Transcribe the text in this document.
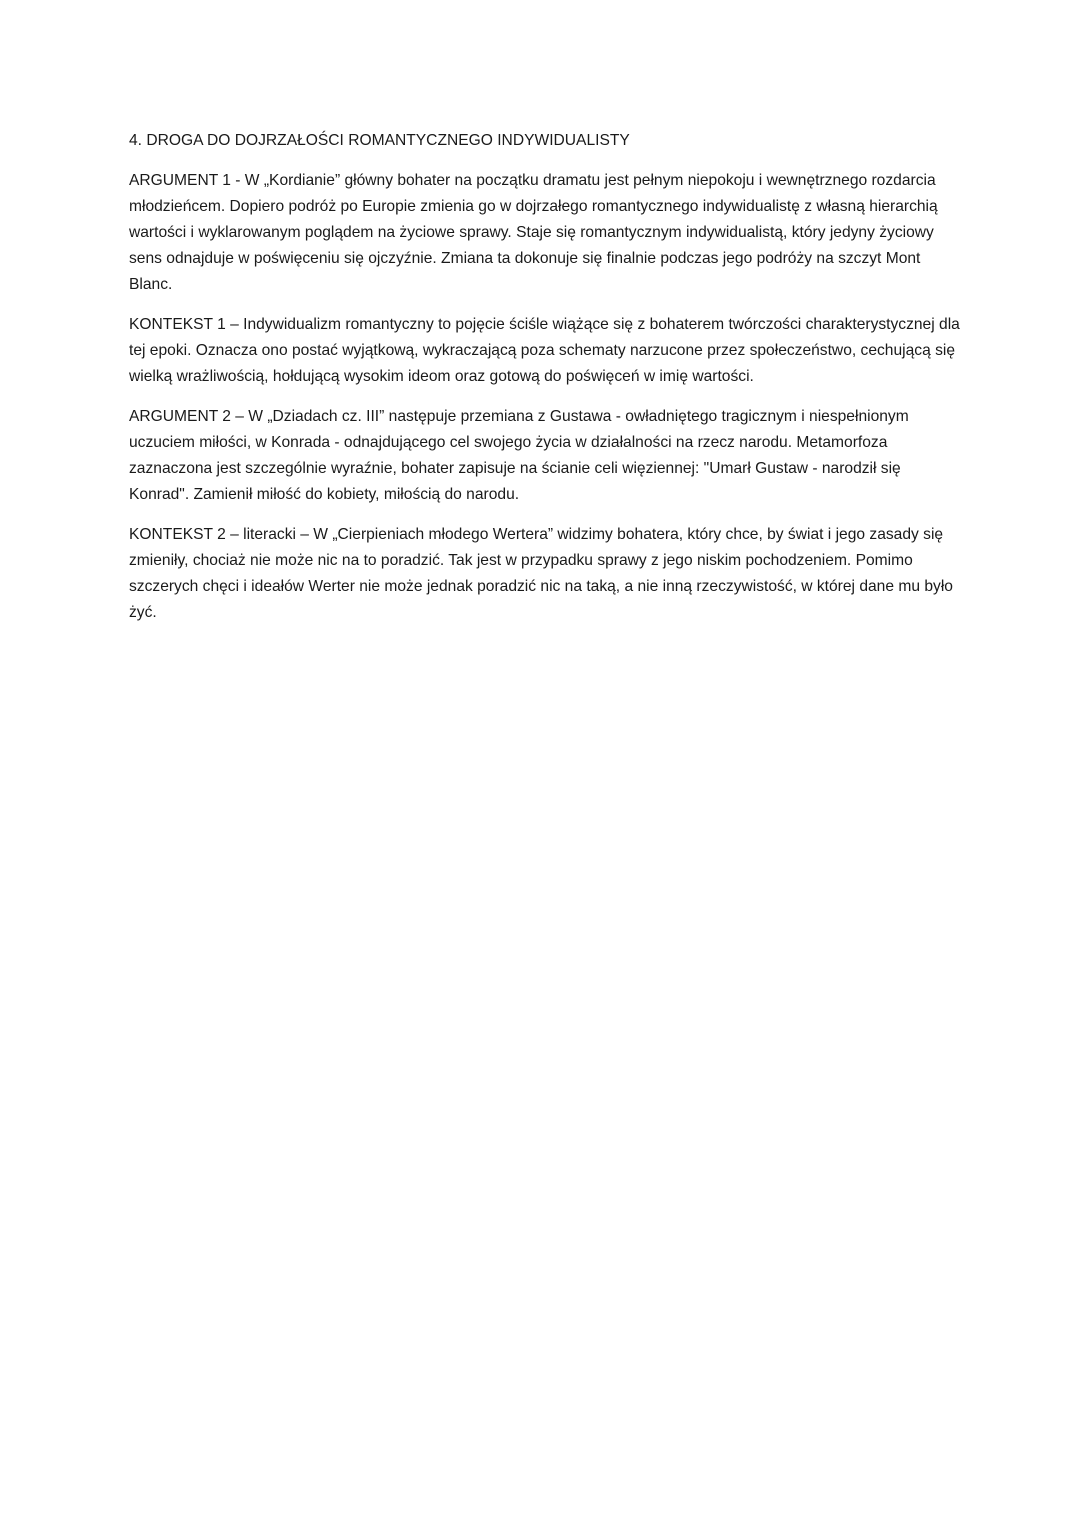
4. DROGA DO DOJRZAŁOŚCI ROMANTYCZNEGO INDYWIDUALISTY

ARGUMENT 1 - W „Kordianie” główny bohater na początku dramatu jest pełnym niepokoju i wewnętrznego rozdarcia młodzieńcem. Dopiero podróż po Europie zmienia go w dojrzałego romantycznego indywidualistę z własną hierarchią wartości i wyklarowanym poglądem na życiowe sprawy. Staje się romantycznym indywidualistą, który jedyny życiowy sens odnajduje w poświęceniu się ojczyźnie. Zmiana ta dokonuje się finalnie podczas jego podróży na szczyt Mont Blanc.

KONTEKST 1 – Indywidualizm romantyczny to pojęcie ściśle wiążące się z bohaterem twórczości charakterystycznej dla tej epoki. Oznacza ono postać wyjątkową, wykraczającą poza schematy narzucone przez społeczeństwo, cechującą się wielką wrażliwością, hołdującą wysokim ideom oraz gotową do poświęceń w imię wartości.

ARGUMENT 2 – W „Dziadach cz. III” następuje przemiana z Gustawa - owładniętego tragicznym i niespełnionym uczuciem miłości, w Konrada - odnajdującego cel swojego życia w działalności na rzecz narodu. Metamorfoza zaznaczona jest szczególnie wyraźnie, bohater zapisuje na ścianie celi więziennej: "Umarł Gustaw - narodził się Konrad". Zamienił miłość do kobiety, miłością do narodu.

KONTEKST 2 – literacki – W „Cierpieniach młodego Wertera” widzimy bohatera, który chce, by świat i jego zasady się zmieniły, chociaż nie może nic na to poradzić. Tak jest w przypadku sprawy z jego niskim pochodzeniem. Pomimo szczerych chęci i ideałów Werter nie może jednak poradzić nic na taką, a nie inną rzeczywistość, w której dane mu było żyć.
